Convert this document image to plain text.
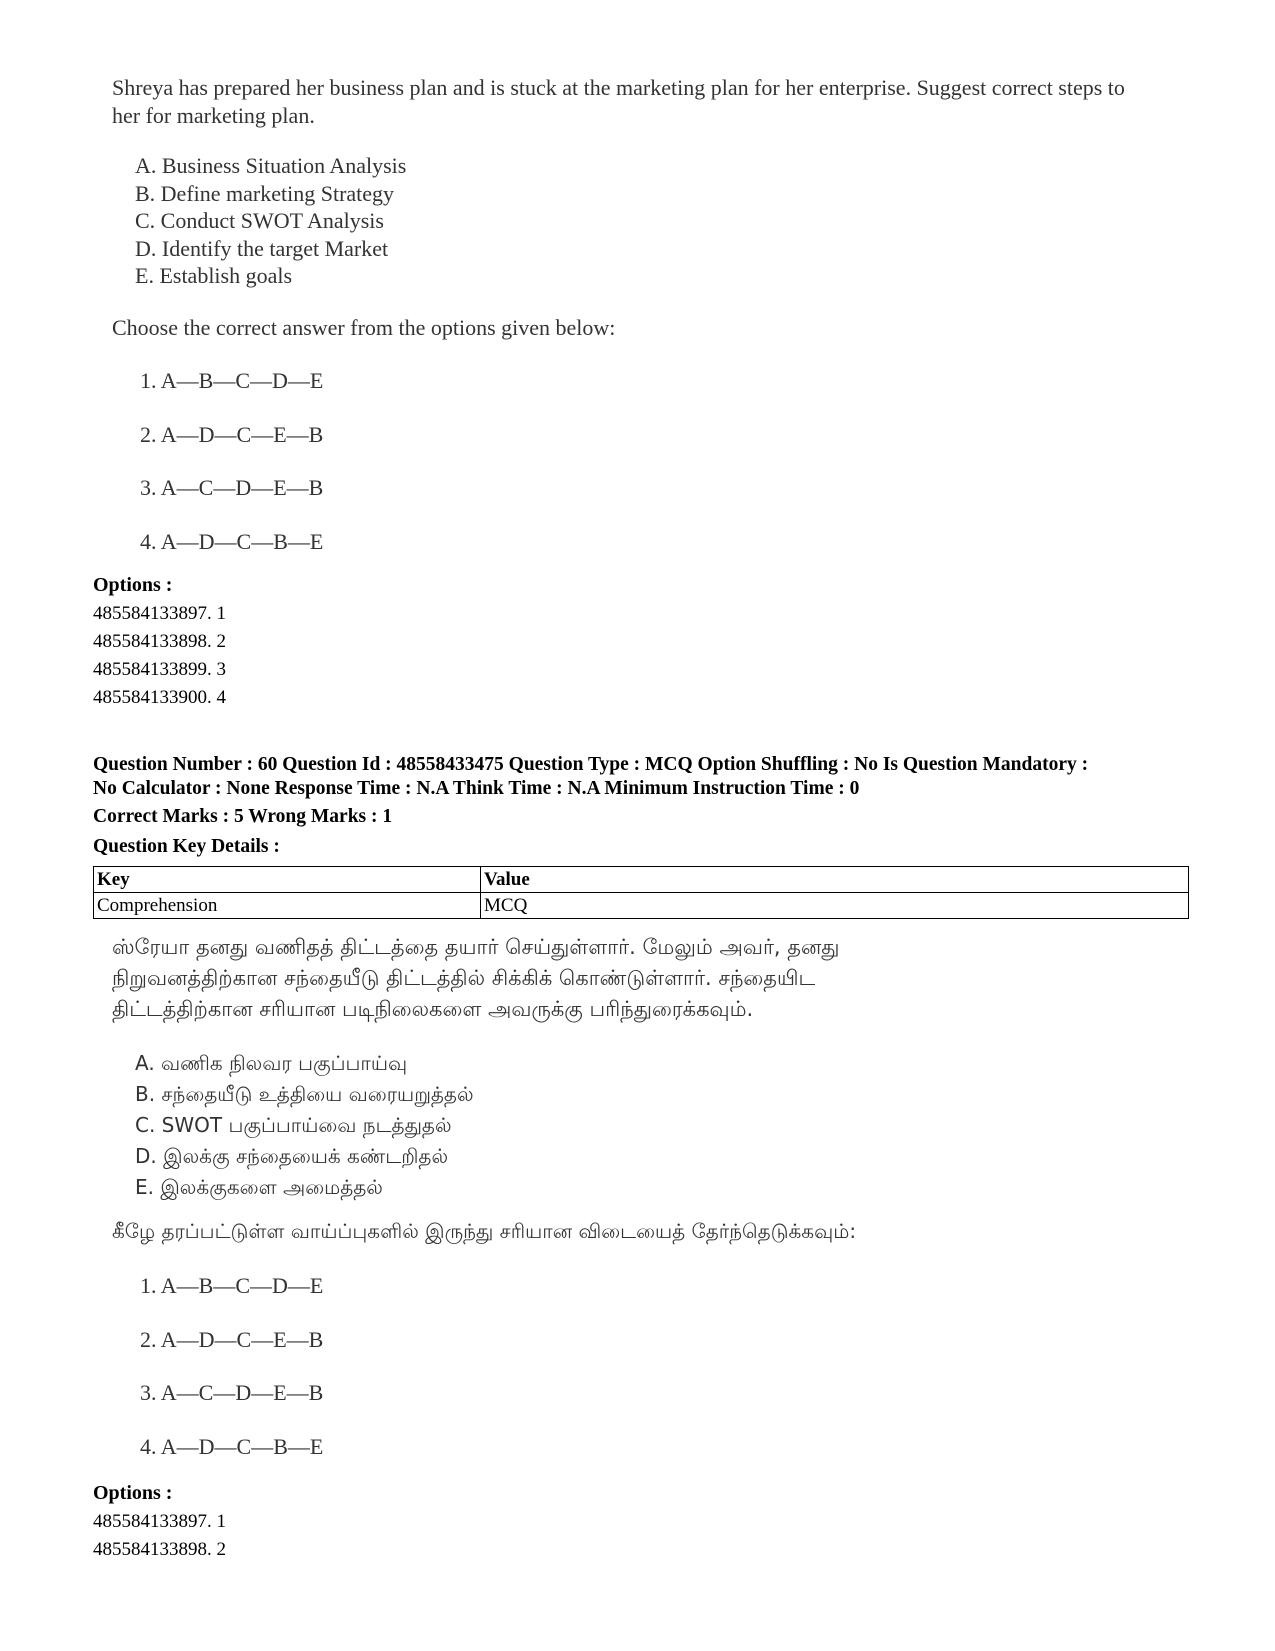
Shreya has prepared her business plan and is stuck at the marketing plan for her enterprise. Suggest correct steps to her for marketing plan.
A. Business Situation Analysis
B. Define marketing Strategy
C. Conduct SWOT Analysis
D. Identify the target Market
E. Establish goals
Choose the correct answer from the options given below:
1. A—B—C—D—E
2. A—D—C—E—B
3. A—C—D—E—B
4. A—D—C—B—E
Options :
485584133897. 1
485584133898. 2
485584133899. 3
485584133900. 4
Question Number : 60 Question Id : 48558433475 Question Type : MCQ Option Shuffling : No Is Question Mandatory :
No Calculator : None Response Time : N.A Think Time : N.A Minimum Instruction Time : 0
Correct Marks : 5 Wrong Marks : 1
Question Key Details :
Key	Value
Comprehension	MCQ
ஸ்ரேயா தனது வணிதத் திட்டத்தை தயார் செய்துள்ளார். மேலும் அவர், தனது
நிறுவனத்திற்கான சந்தையீடு திட்டத்தில் சிக்கிக் கொண்டுள்ளார். சந்தையிட
திட்டத்திற்கான சரியான படிநிலைகளை அவருக்கு பரிந்துரைக்கவும்.
A. வணிக நிலவர பகுப்பாய்வு
B. சந்தையீடு உத்தியை வரையறுத்தல்
C. SWOT பகுப்பாய்வை நடத்துதல்
D. இலக்கு சந்தையைக் கண்டறிதல்
E. இலக்குகளை அமைத்தல்
கீழே தரப்பட்டுள்ள வாய்ப்புகளில் இருந்து சரியான விடையைத் தேர்ந்தெடுக்கவும்:
1. A—B—C—D—E
2. A—D—C—E—B
3. A—C—D—E—B
4. A—D—C—B—E
Options :
485584133897. 1
485584133898. 2
